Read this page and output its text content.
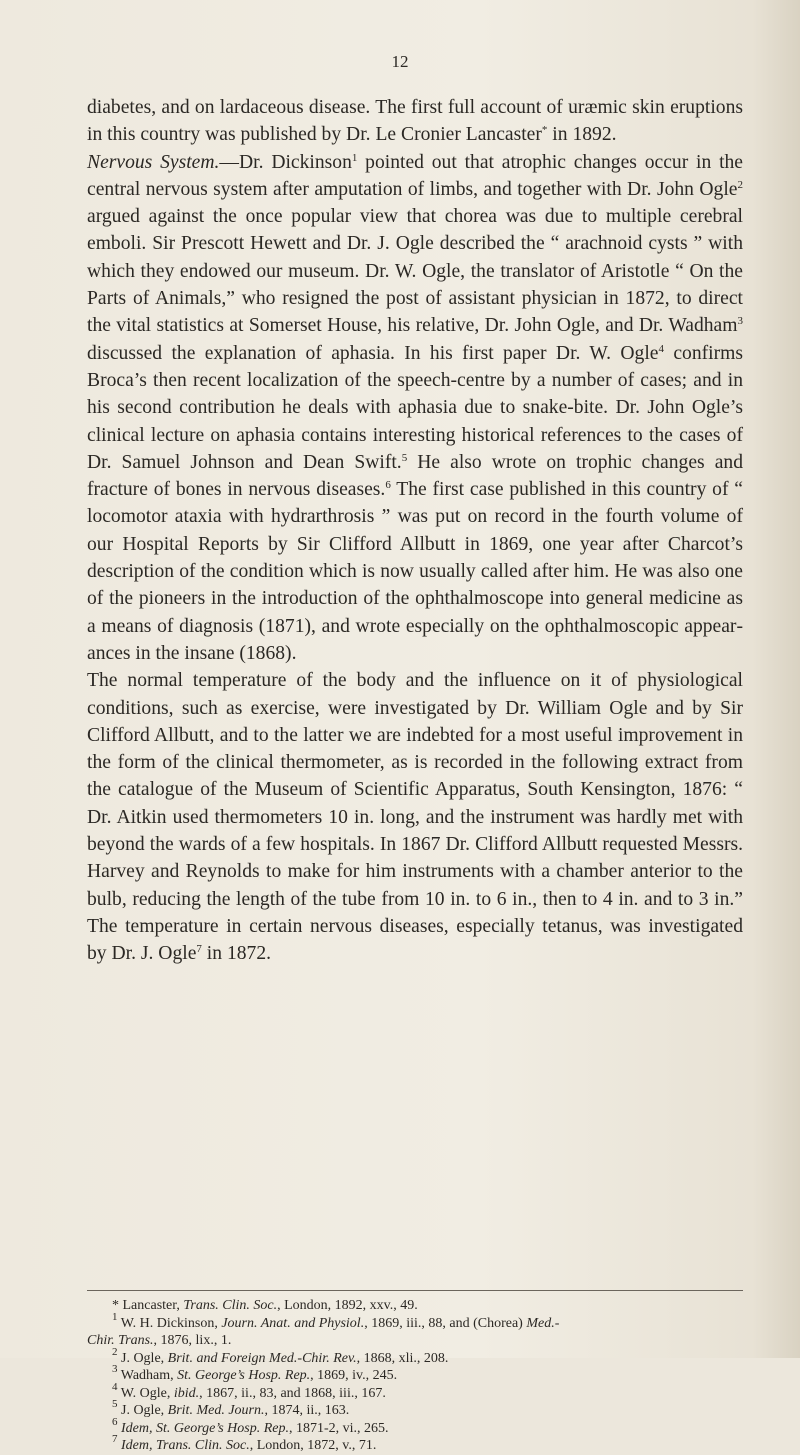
12

diabetes, and on lardaceous disease. The first full account of uræmic skin eruptions in this country was published by Dr. Le Cronier Lancaster* in 1892.

Nervous System.—Dr. Dickinson$^1$ pointed out that atrophic changes occur in the central nervous system after amputation of limbs, and together with Dr. John Ogle$^2$ argued against the once popular view that chorea was due to multiple cerebral emboli. Sir Prescott Hewett and Dr. J. Ogle described the “ arachnoid cysts ” with which they endowed our museum. Dr. W. Ogle, the translator of Aristotle “ On the Parts of Animals,” who resigned the post of assistant physician in 1872, to direct the vital statistics at Somerset House, his relative, Dr. John Ogle, and Dr. Wadham$^3$ discussed the explanation of aphasia. In his first paper Dr. W. Ogle$^4$ confirms Broca’s then recent localization of the speech-centre by a number of cases; and in his second contribution he deals with aphasia due to snake-bite. Dr. John Ogle’s clinical lecture on aphasia contains interesting historical references to the cases of Dr. Samuel Johnson and Dean Swift.$^5$ He also wrote on trophic changes and fracture of bones in nervous diseases.$^6$ The first case published in this country of “ locomotor ataxia with hydrarthrosis ” was put on record in the fourth volume of our Hospital Reports by Sir Clifford Allbutt in 1869, one year after Charcot’s description of the condition which is now usually called after him. He was also one of the pioneers in the introduction of the ophthalmoscope into general medicine as a means of diagnosis (1871), and wrote especially on the ophthalmoscopic appearances in the insane (1868).

The normal temperature of the body and the influence on it of physiological conditions, such as exercise, were investigated by Dr. William Ogle and by Sir Clifford Allbutt, and to the latter we are indebted for a most useful improvement in the form of the clinical thermometer, as is recorded in the following extract from the catalogue of the Museum of Scientific Apparatus, South Kensington, 1876: “ Dr. Aitkin used thermometers 10 in. long, and the instrument was hardly met with beyond the wards of a few hospitals. In 1867 Dr. Clifford Allbutt requested Messrs. Harvey and Reynolds to make for him instruments with a chamber anterior to the bulb, reducing the length of the tube from 10 in. to 6 in., then to 4 in. and to 3 in.” The temperature in certain nervous diseases, especially tetanus, was investigated by Dr. J. Ogle$^7$ in 1872.

* Lancaster, Trans. Clin. Soc., London, 1892, xxv., 49.

$^1$ W. H. Dickinson, Journ. Anat. and Physiol., 1869, iii., 88, and (Chorea) Med.-

Chir. Trans., 1876, lix., 1.

$^2$ J. Ogle, Brit. and Foreign Med.-Chir. Rev., 1868, xli., 208.

$^3$ Wadham, St. George’s Hosp. Rep., 1869, iv., 245.

$^4$ W. Ogle, ibid., 1867, ii., 83, and 1868, iii., 167.

$^5$ J. Ogle, Brit. Med. Journ., 1874, ii., 163.

$^6$ Idem, St. George’s Hosp. Rep., 1871-2, vi., 265.

$^7$ Idem, Trans. Clin. Soc., London, 1872, v., 71.
